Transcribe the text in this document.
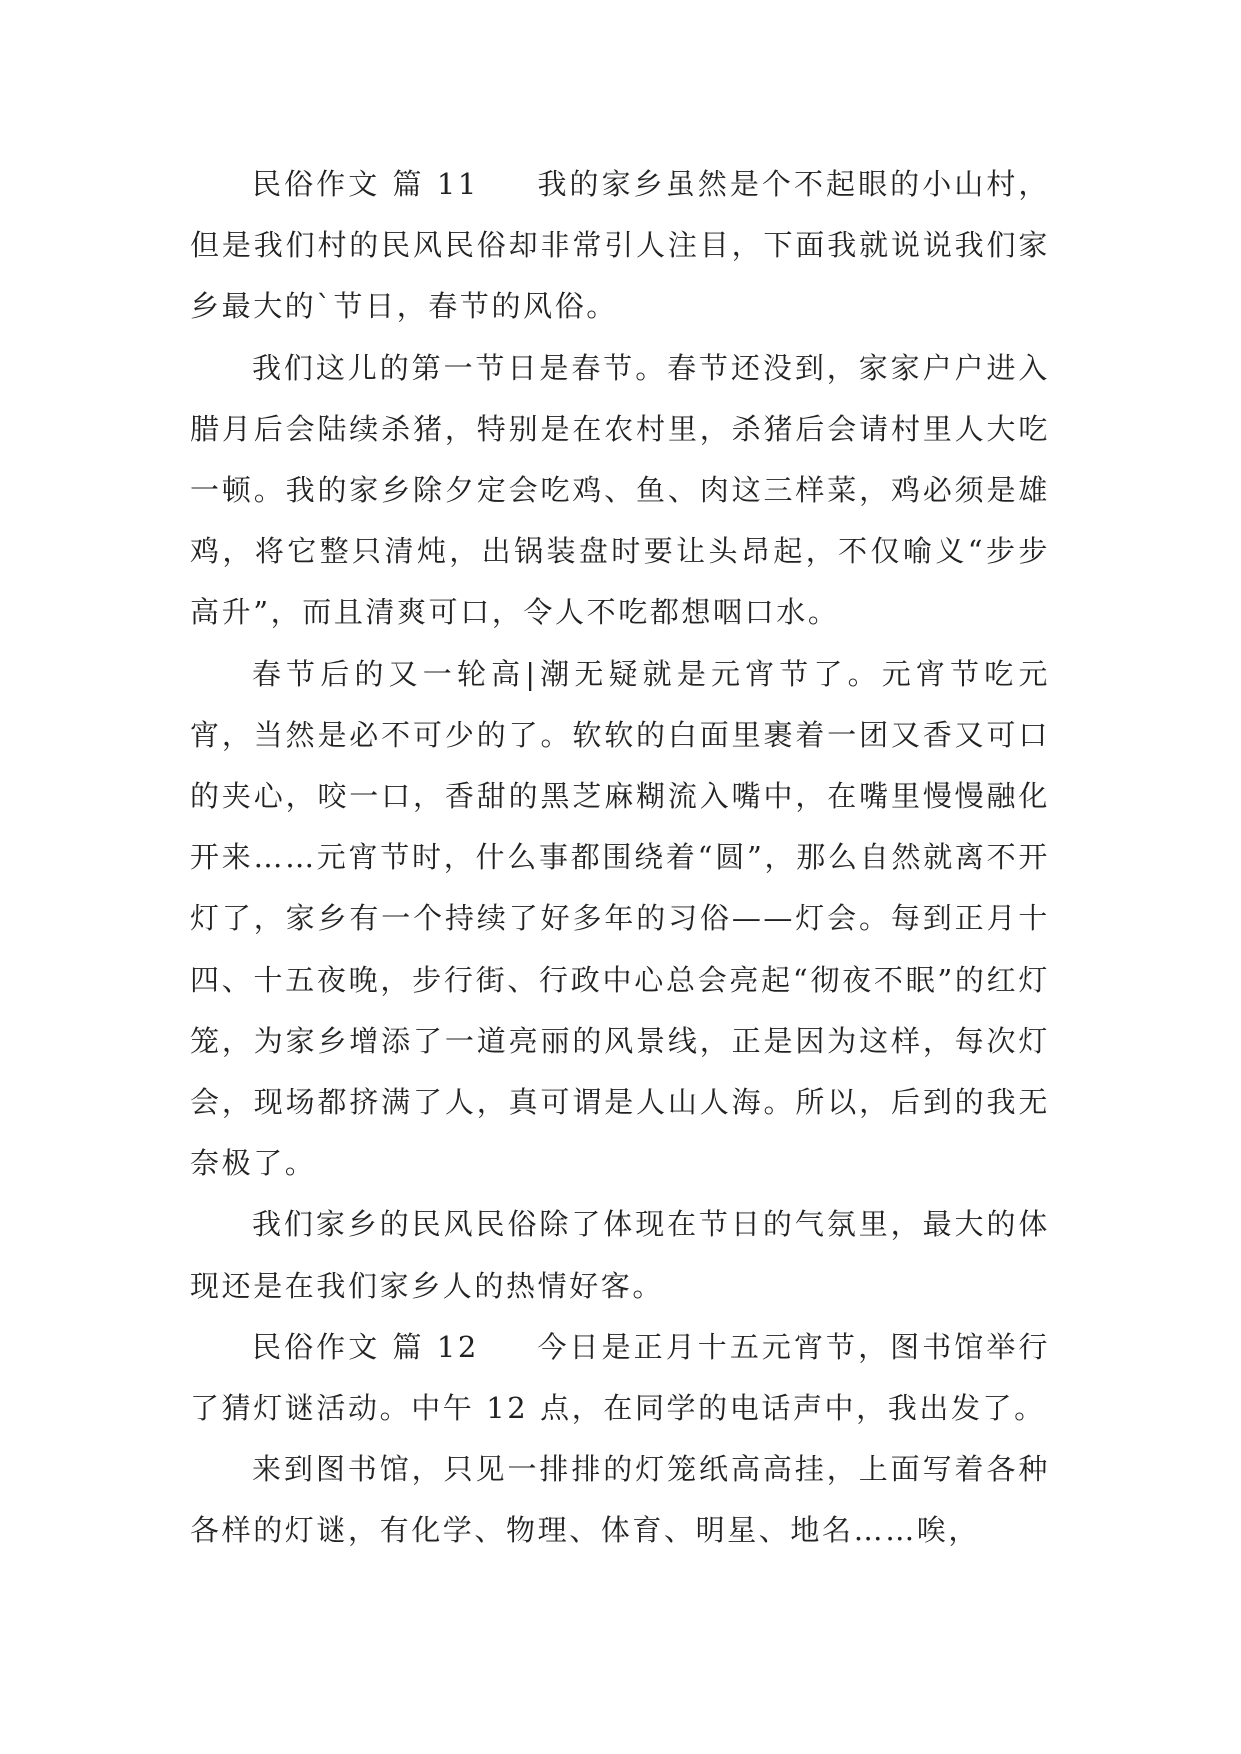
民俗作文 篇 11 我的家乡虽然是个不起眼的小山村，但是我们村的民风民俗却非常引人注目，下面我就说说我们家乡最大的`节日，春节的风俗。

我们这儿的第一节日是春节。春节还没到，家家户户进入腊月后会陆续杀猪，特别是在农村里，杀猪后会请村里人大吃一顿。我的家乡除夕定会吃鸡、鱼、肉这三样菜，鸡必须是雄鸡，将它整只清炖，出锅装盘时要让头昂起，不仅喻义“步步高升”，而且清爽可口，令人不吃都想咽口水。

春节后的又一轮高|潮无疑就是元宵节了。元宵节吃元宵，当然是必不可少的了。软软的白面里裹着一团又香又可口的夹心，咬一口，香甜的黑芝麻糊流入嘴中，在嘴里慢慢融化开来……元宵节时，什么事都围绕着“圆”，那么自然就离不开灯了，家乡有一个持续了好多年的习俗——灯会。每到正月十四、十五夜晚，步行街、行政中心总会亮起“彻夜不眠”的红灯笼，为家乡增添了一道亮丽的风景线，正是因为这样，每次灯会，现场都挤满了人，真可谓是人山人海。所以，后到的我无奈极了。

我们家乡的民风民俗除了体现在节日的气氛里，最大的体现还是在我们家乡人的热情好客。

民俗作文 篇 12 今日是正月十五元宵节，图书馆举行了猜灯谜活动。中午 12 点，在同学的电话声中，我出发了。

来到图书馆，只见一排排的灯笼纸高高挂，上面写着各种各样的灯谜，有化学、物理、体育、明星、地名……唉，
